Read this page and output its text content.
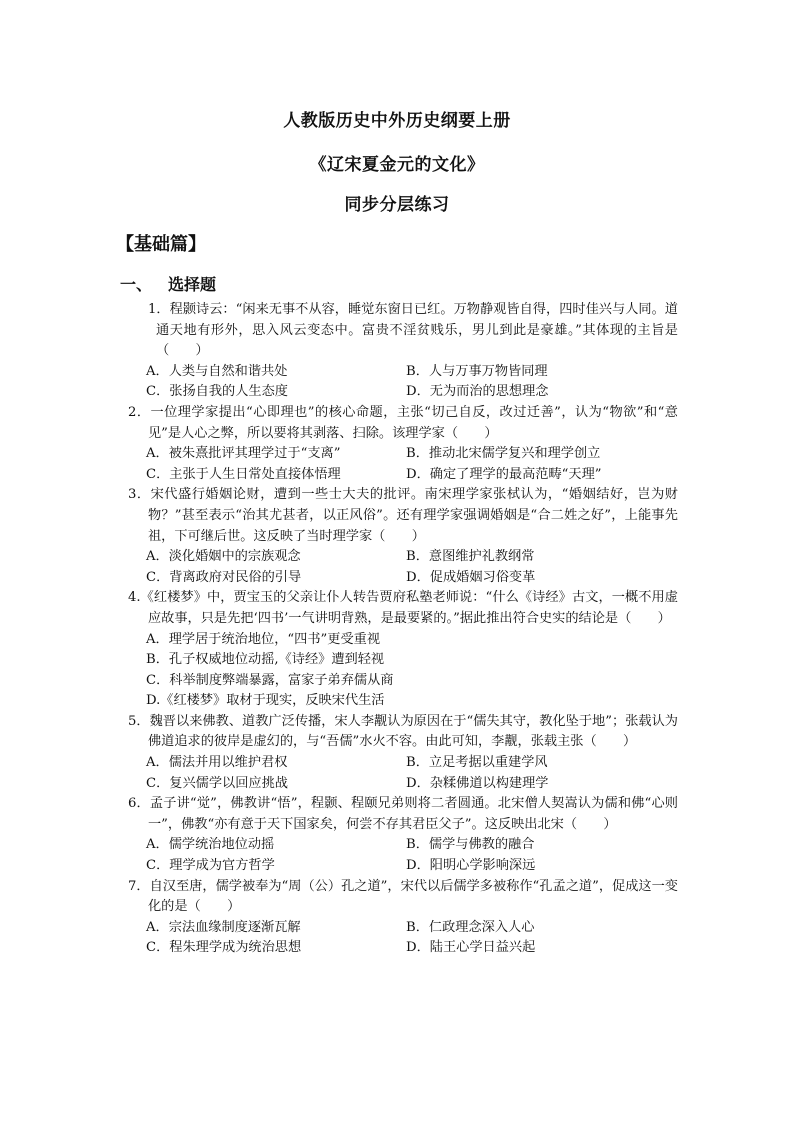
人教版历史中外历史纲要上册
《辽宋夏金元的文化》
同步分层练习
【基础篇】
一、 选择题
1．程颢诗云：“闲来无事不从容，睡觉东窗日已红。万物静观皆自得，四时佳兴与人同。道通天地有形外，思入风云变态中。富贵不淫贫贱乐，男儿到此是豪雄。”其体现的主旨是（　　）
A．人类与自然和谐共处	B．人与万事万物皆同理
C．张扬自我的人生态度	D．无为而治的思想理念
2．一位理学家提出“心即理也”的核心命题，主张“切己自反，改过迁善”，认为“物欲”和“意见”是人心之弊，所以要将其剥落、扫除。该理学家（　　）
A．被朱熹批评其理学过于“支离”	B．推动北宋儒学复兴和理学创立
C．主张于人生日常处直接体悟理	D．确定了理学的最高范畴“天理”
3．宋代盛行婚姻论财，遭到一些士大夫的批评。南宋理学家张栻认为，“婚姻结好，岂为财物？”甚至表示“治其尤甚者，以正风俗”。还有理学家强调婚姻是“合二姓之好”，上能事先祖，下可继后世。这反映了当时理学家（　　）
A．淡化婚姻中的宗族观念	B．意图维护礼教纲常
C．背离政府对民俗的引导	D．促成婚姻习俗变革
4.《红楼梦》中，贾宝玉的父亲让仆人转告贾府私塾老师说：“什么《诗经》古文，一概不用虚应故事，只是先把‘四书’一气讲明背熟，是最要紧的。”据此推出符合史实的结论是（　　）
A．理学居于统治地位，“四书”更受重视
B．孔子权威地位动摇,《诗经》遭到轻视
C．科举制度弊端暴露，富家子弟弃儒从商
D.《红楼梦》取材于现实，反映宋代生活
5．魏晋以来佛教、道教广泛传播，宋人李觏认为原因在于“儒失其守，教化坠于地”；张载认为佛道追求的彼岸是虚幻的，与“吾儒”水火不容。由此可知，李觏，张载主张（　　）
A．儒法并用以维护君权	B．立足考据以重建学风
C．复兴儒学以回应挑战	D．杂糅佛道以构建理学
6．孟子讲“觉”，佛教讲“悟”，程颢、程颐兄弟则将二者圆通。北宋僧人契嵩认为儒和佛“心则一”，佛教“亦有意于天下国家矣，何尝不存其君臣父子”。这反映出北宋（　　）
A．儒学统治地位动摇	B．儒学与佛教的融合
C．理学成为官方哲学	D．阳明心学影响深远
7．自汉至唐，儒学被奉为“周（公）孔之道”，宋代以后儒学多被称作“孔孟之道”，促成这一变化的是（　　）
A．宗法血缘制度逐渐瓦解	B．仁政理念深入人心
C．程朱理学成为统治思想	D．陆王心学日益兴起
